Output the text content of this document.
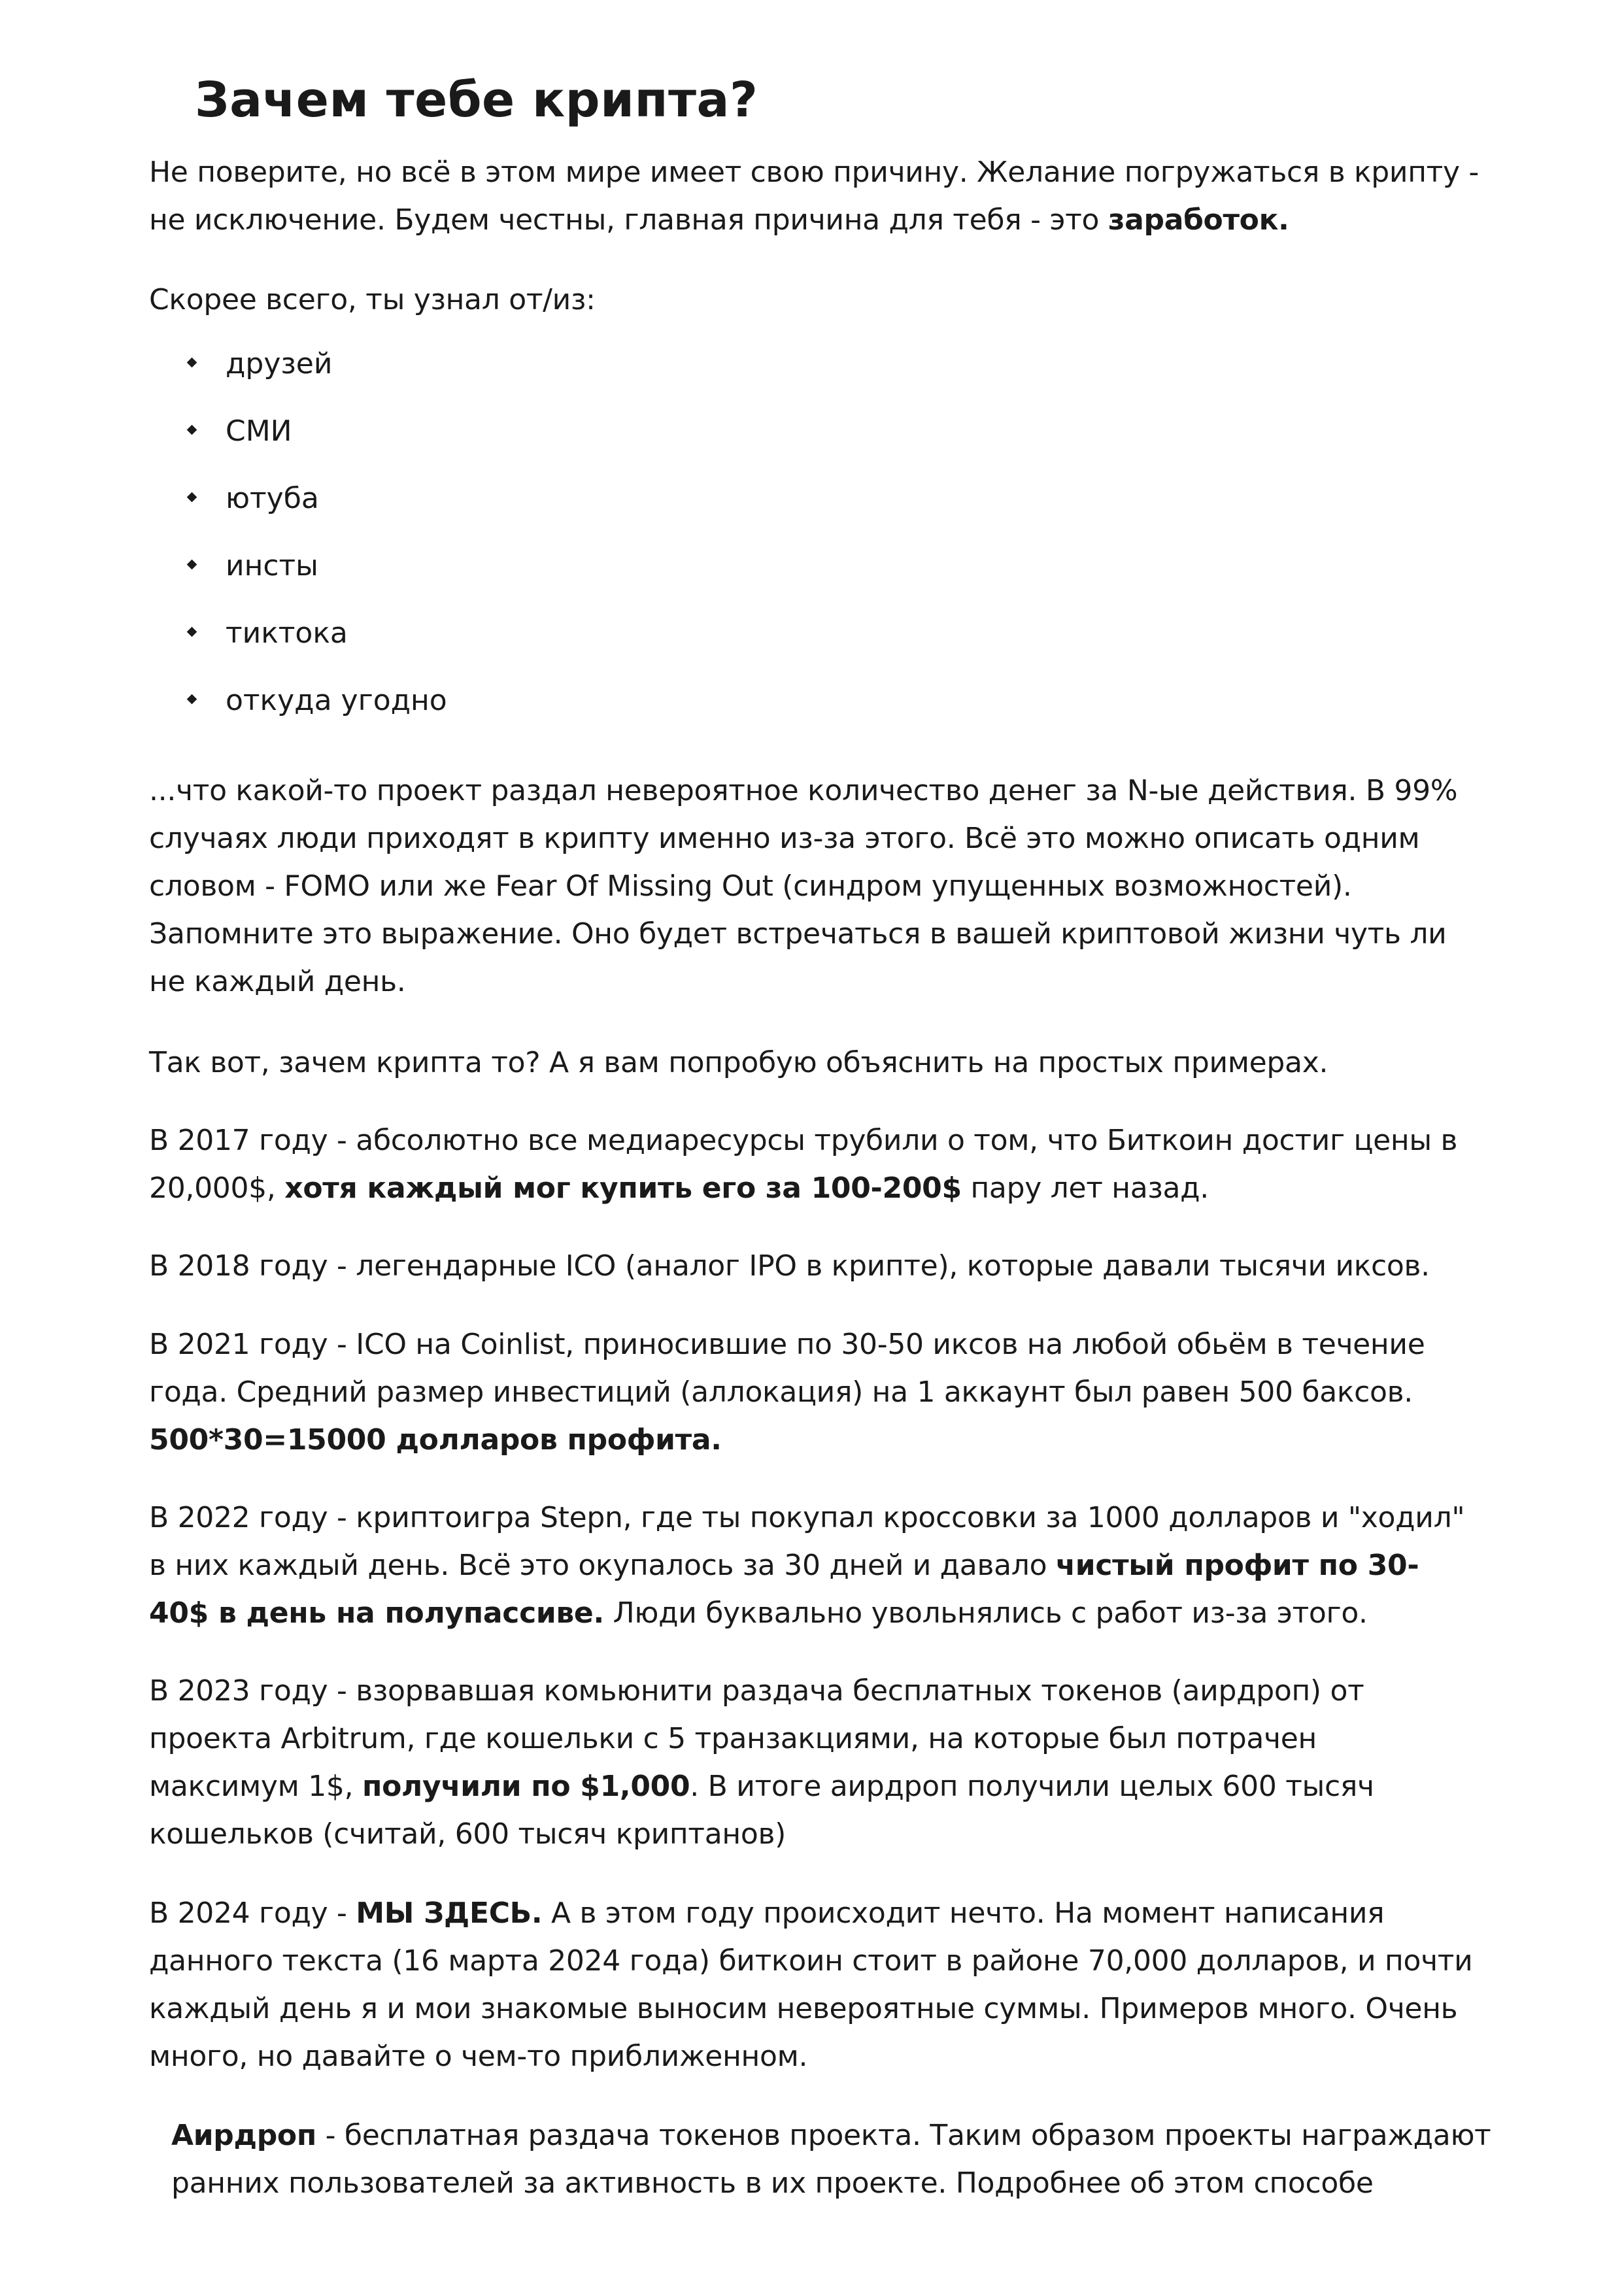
Зачем тебе крипта?

Не поверите, но всё в этом мире имеет свою причину. Желание погружаться в крипту - не исключение. Будем честны, главная причина для тебя - это заработок.

Скорее всего, ты узнал от/из:

друзей
СМИ
ютуба
инсты
тиктока
откуда угодно

...что какой-то проект раздал невероятное количество денег за N-ые действия. В 99% случаях люди приходят в крипту именно из-за этого. Всё это можно описать одним словом - FOMO или же Fear Of Missing Out (синдром упущенных возможностей). Запомните это выражение. Оно будет встречаться в вашей криптовой жизни чуть ли не каждый день.

Так вот, зачем крипта то? А я вам попробую объяснить на простых примерах.

В 2017 году - абсолютно все медиаресурсы трубили о том, что Биткоин достиг цены в 20,000$, хотя каждый мог купить его за 100-200$ пару лет назад.

В 2018 году - легендарные ICO (аналог IPO в крипте), которые давали тысячи иксов.

В 2021 году - ICO на Coinlist, приносившие по 30-50 иксов на любой обьём в течение года. Средний размер инвестиций (аллокация) на 1 аккаунт был равен 500 баксов. 500*30=15000 долларов профита.

В 2022 году - криптоигра Stepn, где ты покупал кроссовки за 1000 долларов и "ходил" в них каждый день. Всё это окупалось за 30 дней и давало чистый профит по 30-40$ в день на полупассиве. Люди буквально увольнялись с работ из-за этого.

В 2023 году - взорвавшая комьюнити раздача бесплатных токенов (аирдроп) от проекта Arbitrum, где кошельки с 5 транзакциями, на которые был потрачен максимум 1$, получили по $1,000. В итоге аирдроп получили целых 600 тысяч кошельков (считай, 600 тысяч криптанов)

В 2024 году - МЫ ЗДЕСЬ. А в этом году происходит нечто. На момент написания данного текста (16 марта 2024 года) биткоин стоит в районе 70,000 долларов, и почти каждый день я и мои знакомые выносим невероятные суммы. Примеров много. Очень много, но давайте о чем-то приближенном.

Аирдроп - бесплатная раздача токенов проекта. Таким образом проекты награждают ранних пользователей за активность в их проекте. Подробнее об этом способе
